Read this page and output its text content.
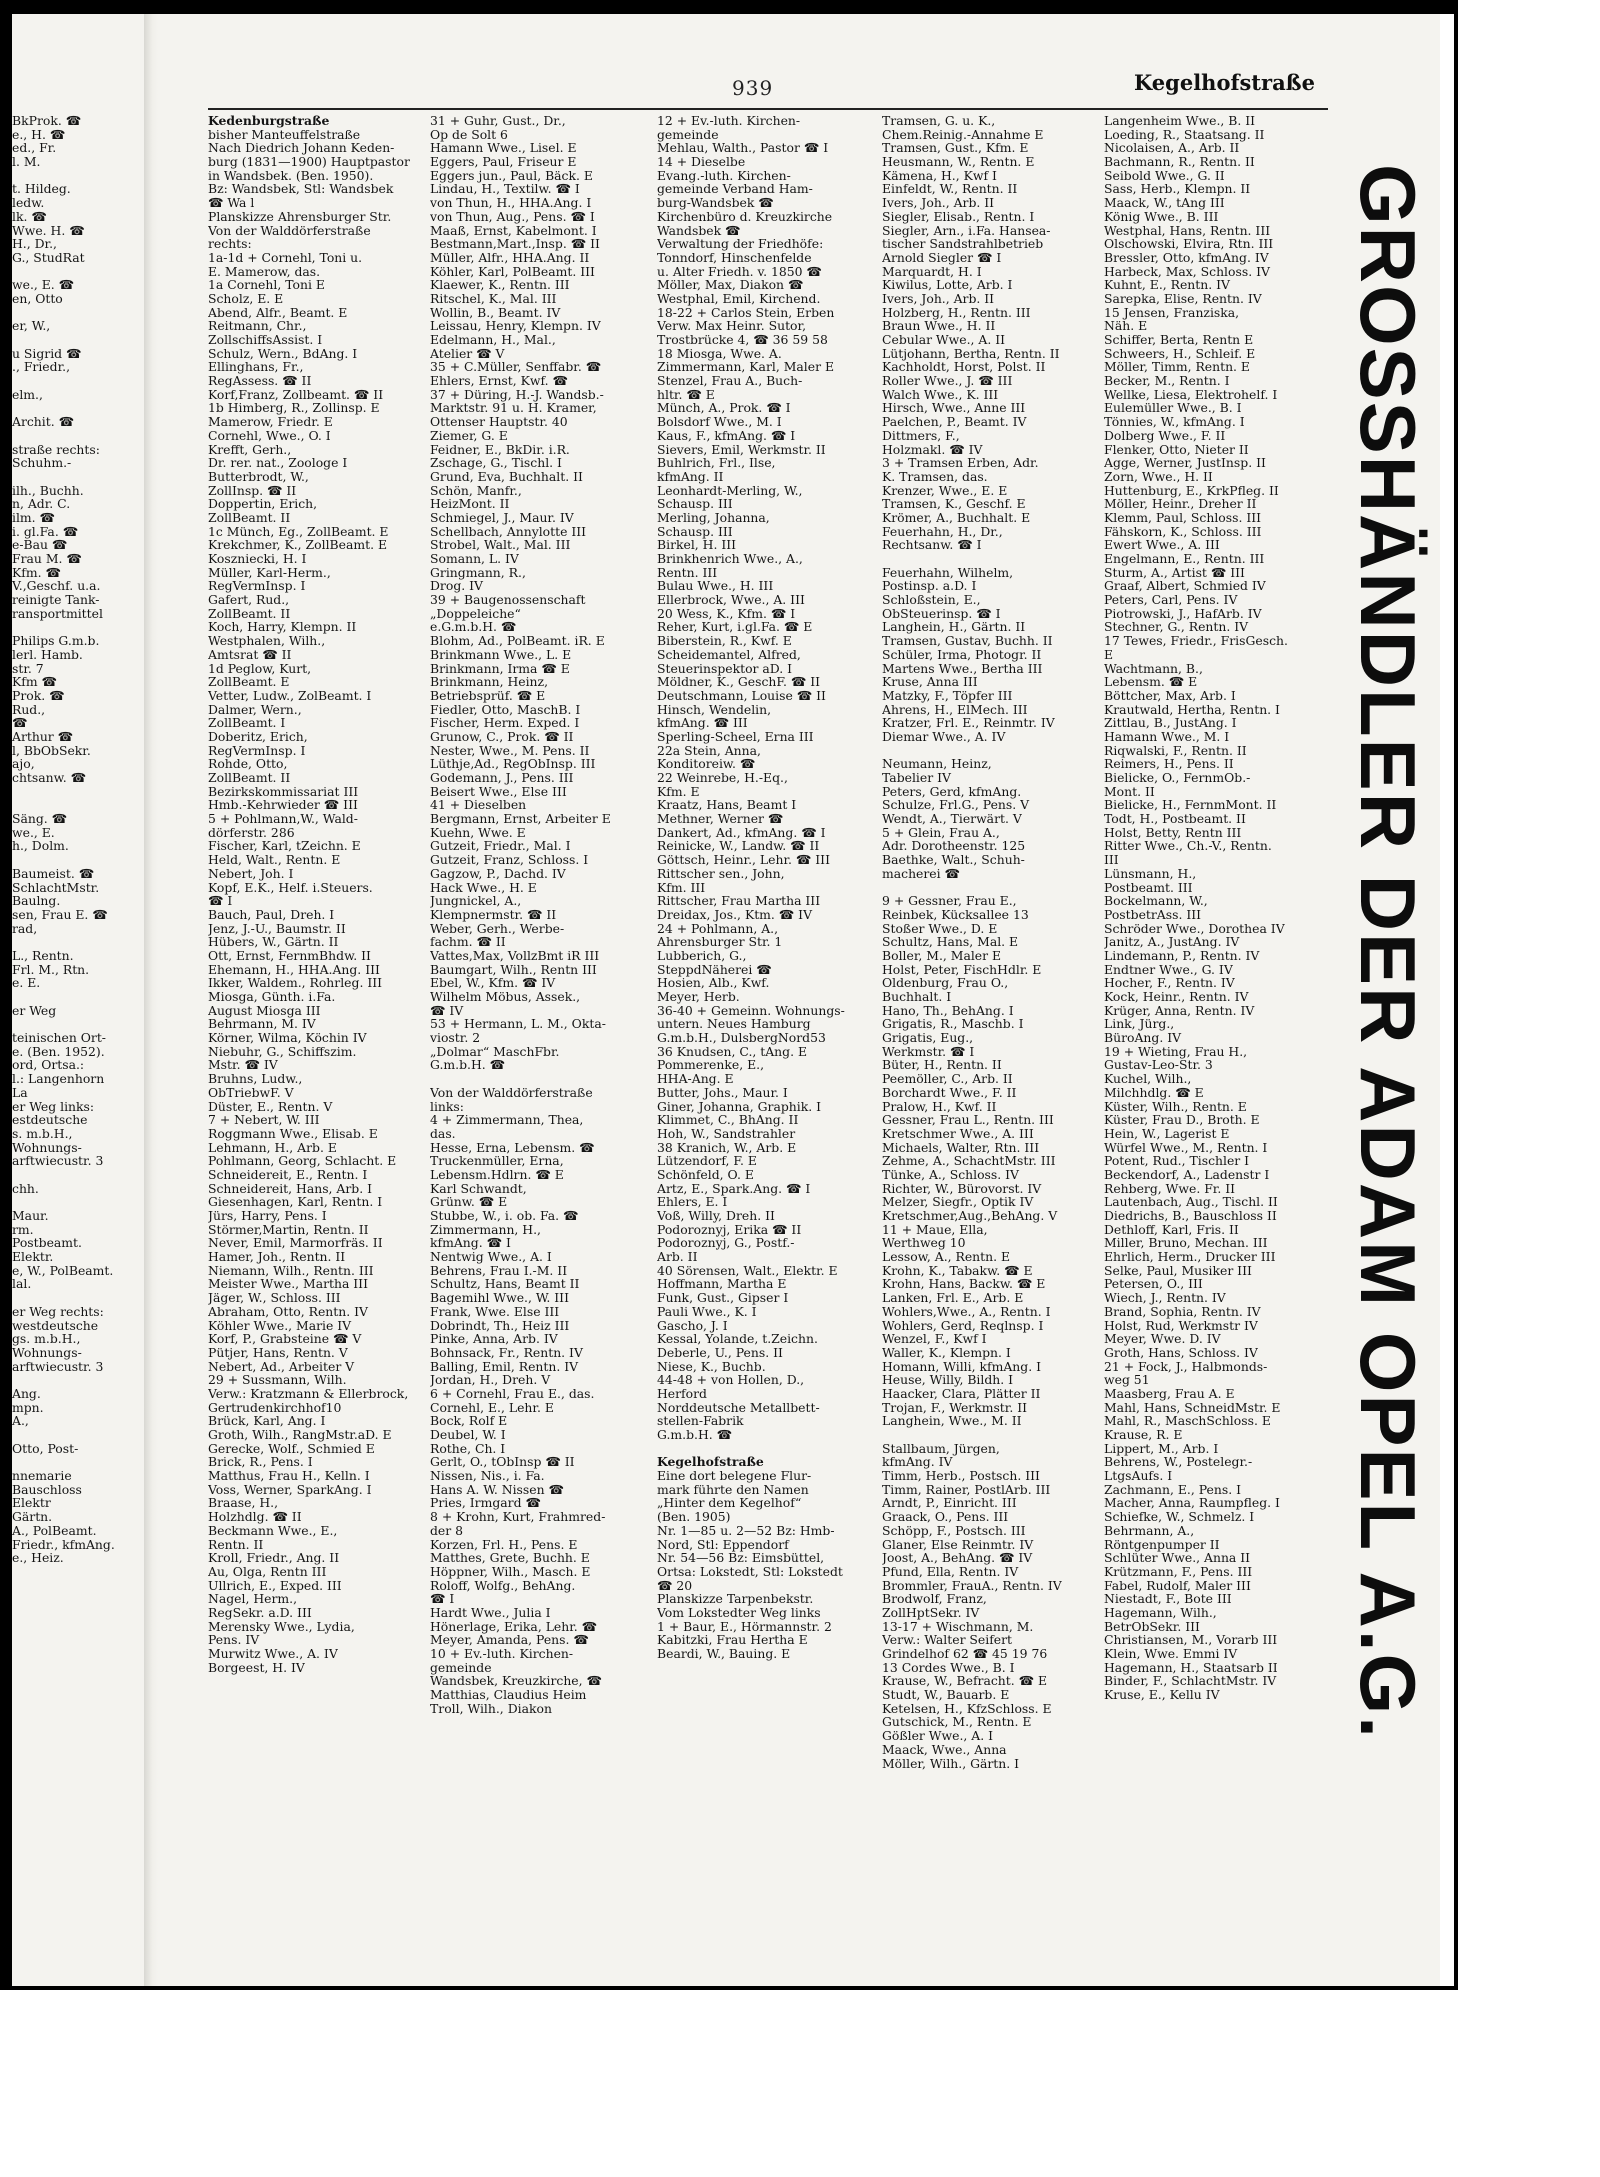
939	Kegelhofstraße
BkProk. ☎
e., H. ☎
ed., Fr.
l. M.
t. Hildeg.
ledw.
lk. ☎
Wwe. H. ☎
H., Dr.,
G., StudRat
we., E. ☎
en, Otto
er, W.,
u Sigrid ☎
., Friedr.,
elm.,
Archit. ☎
straße rechts:
Schuhm.-
ilh., Buchh.
n, Adr. C.
ilm. ☎
i. gl.Fa. ☎
e-Bau ☎
Frau M. ☎
Kfm. ☎
V.,Geschf. u.a.
reinigte Tank-
ransportmittel
Philips G.m.b.
lerl. Hamb.
str. 7
Kfm ☎
Prok. ☎
Rud.,
☎
Arthur ☎
l, BbObSekr.
ajo,
chtsanw. ☎
Säng. ☎
we., E.
h., Dolm.
Baumeist. ☎
SchlachtMstr.
Baulng.
sen, Frau E. ☎
rad,
L., Rentn.
Frl. M., Rtn.
e. E.
er Weg
teinischen Ort-
e. (Ben. 1952).
ord, Ortsa.:
l.: Langenhorn
La
er Weg links:
estdeutsche
s. m.b.H.,
Wohnungs-
arftwiecustr. 3
chh.
Maur.
rm.
Postbeamt.
Elektr.
e, W., PolBeamt.
lal.
er Weg rechts:
westdeutsche
gs. m.b.H.,
Wohnungs-
arftwiecustr. 3
Ang.
mpn.
A.,
Otto, Post-
nnemarie
Bauschloss
Elektr
Gärtn.
A., PolBeamt.
Friedr., kfmAng.
e., Heiz.
Kedenburgstraße
bisher Manteuffelstraße
Nach Diedrich Johann Keden-
burg (1831—1900) Hauptpastor
in Wandsbek. (Ben. 1950).
Bz: Wandsbek, Stl: Wandsbek
☎ Wa l
Planskizze Ahrensburger Str.
Von der Walddörferstraße
rechts:
1a-1d + Cornehl, Toni u.
E. Mamerow, das.
1a Cornehl, Toni E
Scholz, E. E
Abend, Alfr., Beamt. E
Reitmann, Chr.,
ZollschiffsAssist. I
Schulz, Wern., BdAng. I
Ellinghans, Fr.,
RegAssess. ☎ II
Korf,Franz, Zollbeamt. ☎ II
1b Himberg, R., Zollinsp. E
Mamerow, Friedr. E
Cornehl, Wwe., O. I
Krefft, Gerh.,
Dr. rer. nat., Zoologe I
Butterbrodt, W.,
ZollInsp. ☎ II
Doppertin, Erich,
ZollBeamt. II
1c Münch, Eg., ZollBeamt. E
Krekchmer, K., ZollBeamt. E
Koszniecki, H. I
Müller, Karl-Herm.,
RegVermInsp. I
Gafert, Rud.,
ZollBeamt. II
Koch, Harry, Klempn. II
Westphalen, Wilh.,
Amtsrat ☎ II
1d Peglow, Kurt,
ZollBeamt. E
Vetter, Ludw., ZolBeamt. I
Dalmer, Wern.,
ZollBeamt. I
Doberitz, Erich,
RegVermInsp. I
Rohde, Otto,
ZollBeamt. II
Bezirkskommissariat III
Hmb.-Kehrwieder ☎ III
5 + Pohlmann,W., Wald-
dörferstr. 286
Fischer, Karl, tZeichn. E
Held, Walt., Rentn. E
Nebert, Joh. I
Kopf, E.K., Helf. i.Steuers.
☎ I
Bauch, Paul, Dreh. I
Jenz, J.-U., Baumstr. II
Hübers, W., Gärtn. II
Ott, Ernst, FernmBhdw. II
Ehemann, H., HHA.Ang. III
Ikker, Waldem., Rohrleg. III
Miosga, Günth. i.Fa.
August Miosga III
Behrmann, M. IV
Körner, Wilma, Köchin IV
Niebuhr, G., Schiffszim.
Mstr. ☎ IV
Bruhns, Ludw.,
ObTriebwF. V
Düster, E., Rentn. V
7 + Nebert, W. III
Roggmann Wwe., Elisab. E
Lehmann, H., Arb. E
Pohlmann, Georg, Schlacht. E
Schneidereit, E., Rentn. I
Schneidereit, Hans, Arb. I
Giesenhagen, Karl, Rentn. I
Jürs, Harry, Pens. I
Störmer,Martin, Rentn. II
Never, Emil, Marmorfräs. II
Hamer, Joh., Rentn. II
Niemann, Wilh., Rentn. III
Meister Wwe., Martha III
Jäger, W., Schloss. III
Abraham, Otto, Rentn. IV
Köhler Wwe., Marie IV
Korf, P., Grabsteine ☎ V
Pütjer, Hans, Rentn. V
Nebert, Ad., Arbeiter V
29 + Sussmann, Wilh.
Verw.: Kratzmann & Ellerbrock,
Gertrudenkirchhof10
Brück, Karl, Ang. I
Groth, Wilh., RangMstr.aD. E
Gerecke, Wolf., Schmied E
Brick, R., Pens. I
Matthus, Frau H., Kelln. I
Voss, Werner, SparkAng. I
Braase, H.,
Holzhdlg. ☎ II
Beckmann Wwe., E.,
Rentn. II
Kroll, Friedr., Ang. II
Au, Olga, Rentn III
Ullrich, E., Exped. III
Nagel, Herm.,
RegSekr. a.D. III
Merensky Wwe., Lydia,
Pens. IV
Murwitz Wwe., A. IV
Borgeest, H. IV
31 + Guhr, Gust., Dr.,
Op de Solt 6
Hamann Wwe., Lisel. E
Eggers, Paul, Friseur E
Eggers jun., Paul, Bäck. E
Lindau, H., Textilw. ☎ I
von Thun, H., HHA.Ang. I
von Thun, Aug., Pens. ☎ I
Maaß, Ernst, Kabelmont. I
Bestmann,Mart.,Insp. ☎ II
Müller, Alfr., HHA.Ang. II
Köhler, Karl, PolBeamt. III
Klaewer, K., Rentn. III
Ritschel, K., Mal. III
Wollin, B., Beamt. IV
Leissau, Henry, Klempn. IV
Edelmann, H., Mal.,
Atelier ☎ V
35 + C.Müller, Senffabr. ☎
Ehlers, Ernst, Kwf. ☎
37 + Düring, H.-J. Wandsb.-
Marktstr. 91 u. H. Kramer,
Ottenser Hauptstr. 40
Ziemer, G. E
Feidner, E., BkDir. i.R.
Zschage, G., Tischl. I
Grund, Eva, Buchhalt. II
Schön, Manfr.,
HeizMont. II
Schmiegel, J., Maur. IV
Schellbach, Annylotte III
Strobel, Walt., Mal. III
Somann, L. IV
Gringmann, R.,
Drog. IV
39 + Baugenossenschaft
„Doppeleiche“
e.G.m.b.H. ☎
Blohm, Ad., PolBeamt. iR. E
Brinkmann Wwe., L. E
Brinkmann, Irma ☎ E
Brinkmann, Heinz,
Betriebsprüf. ☎ E
Fiedler, Otto, MaschB. I
Fischer, Herm. Exped. I
Grunow, C., Prok. ☎ II
Nester, Wwe., M. Pens. II
Lüthje,Ad., RegObInsp. III
Godemann, J., Pens. III
Beisert Wwe., Else III
41 + Dieselben
Bergmann, Ernst, Arbeiter E
Kuehn, Wwe. E
Gutzeit, Friedr., Mal. I
Gutzeit, Franz, Schloss. I
Gagzow, P., Dachd. IV
Hack Wwe., H. E
Jungnickel, A.,
Klempnermstr. ☎ II
Weber, Gerh., Werbe-
fachm. ☎ II
Vattes,Max, VollzBmt iR III
Baumgart, Wilh., Rentn III
Ebel, W., Kfm. ☎ IV
Wilhelm Möbus, Assek.,
☎ IV
53 + Hermann, L. M., Okta-
viostr. 2
„Dolmar“ MaschFbr.
G.m.b.H. ☎
Von der Walddörferstraße
links:
4 + Zimmermann, Thea,
das.
Hesse, Erna, Lebensm. ☎
Truckenmüller, Erna,
Lebensm.Hdlrn. ☎ E
Karl Schwandt,
Grünw. ☎ E
Stubbe, W., i. ob. Fa. ☎
Zimmermann, H.,
kfmAng. ☎ I
Nentwig Wwe., A. I
Behrens, Frau I.-M. II
Schultz, Hans, Beamt II
Bagemihl Wwe., W. III
Frank, Wwe. Else III
Dobrindt, Th., Heiz III
Pinke, Anna, Arb. IV
Bohnsack, Fr., Rentn. IV
Balling, Emil, Rentn. IV
Jordan, H., Dreh. V
6 + Cornehl, Frau E., das.
Cornehl, E., Lehr. E
Bock, Rolf E
Deubel, W. I
Rothe, Ch. I
Gerlt, O., tObInsp ☎ II
Nissen, Nis., i. Fa.
Hans A. W. Nissen ☎
Pries, Irmgard ☎
8 + Krohn, Kurt, Frahmred-
der 8
Korzen, Frl. H., Pens. E
Matthes, Grete, Buchh. E
Höppner, Wilh., Masch. E
Roloff, Wolfg., BehAng.
☎ I
Hardt Wwe., Julia I
Hönerlage, Erika, Lehr. ☎
Meyer, Amanda, Pens. ☎
10 + Ev.-luth. Kirchen-
gemeinde
Wandsbek, Kreuzkirche, ☎
Matthias, Claudius Heim
Troll, Wilh., Diakon
12 + Ev.-luth. Kirchen-
gemeinde
Mehlau, Walth., Pastor ☎ I
14 + Dieselbe
Evang.-luth. Kirchen-
gemeinde Verband Ham-
burg-Wandsbek ☎
Kirchenbüro d. Kreuzkirche
Wandsbek ☎
Verwaltung der Friedhöfe:
Tonndorf, Hinschenfelde
u. Alter Friedh. v. 1850 ☎
Möller, Max, Diakon ☎
Westphal, Emil, Kirchend.
18-22 + Carlos Stein, Erben
Verw. Max Heinr. Sutor,
Trostbrücke 4, ☎ 36 59 58
18 Miosga, Wwe. A.
Zimmermann, Karl, Maler E
Stenzel, Frau A., Buch-
hltr. ☎ E
Münch, A., Prok. ☎ I
Bolsdorf Wwe., M. I
Kaus, F., kfmAng. ☎ I
Sievers, Emil, Werkmstr. II
Buhlrich, Frl., Ilse,
kfmAng. II
Leonhardt-Merling, W.,
Schausp. III
Merling, Johanna,
Schausp. III
Birkel, H. III
Brinkhenrich Wwe., A.,
Rentn. III
Bulau Wwe., H. III
Ellerbrock, Wwe., A. III
20 Wess, K., Kfm. ☎ I
Reher, Kurt, i.gl.Fa. ☎ E
Biberstein, R., Kwf. E
Scheidemantel, Alfred,
Steuerinspektor aD. I
Möldner, K., GeschF. ☎ II
Deutschmann, Louise ☎ II
Hinsch, Wendelin,
kfmAng. ☎ III
Sperling-Scheel, Erna III
22a Stein, Anna,
Konditoreiw. ☎
22 Weinrebe, H.-Eq.,
Kfm. E
Kraatz, Hans, Beamt I
Methner, Werner ☎
Dankert, Ad., kfmAng. ☎ I
Reinicke, W., Landw. ☎ II
Göttsch, Heinr., Lehr. ☎ III
Rittscher sen., John,
Kfm. III
Rittscher, Frau Martha III
Dreidax, Jos., Ktm. ☎ IV
24 + Pohlmann, A.,
Ahrensburger Str. 1
Lubberich, G.,
SteppdNäherei ☎
Hosien, Alb., Kwf.
Meyer, Herb.
36-40 + Gemeinn. Wohnungs-
untern. Neues Hamburg
G.m.b.H., DulsbergNord53
36 Knudsen, C., tAng. E
Pommerenke, E.,
HHA-Ang. E
Butter, Johs., Maur. I
Giner, Johanna, Graphik. I
Klimmet, C., BhAng. II
Hoh, W., Sandstrahler
38 Kranich, W., Arb. E
Lützendorf, F. E
Schönfeld, O. E
Artz, E., Spark.Ang. ☎ I
Ehlers, E. I
Voß, Willy, Dreh. II
Podoroznyj, Erika ☎ II
Podoroznyj, G., Postf.-
Arb. II
40 Sörensen, Walt., Elektr. E
Hoffmann, Martha E
Funk, Gust., Gipser I
Pauli Wwe., K. I
Gascho, J. I
Kessal, Yolande, t.Zeichn.
Deberle, U., Pens. II
Niese, K., Buchb.
44-48 + von Hollen, D.,
Herford
Norddeutsche Metallbett-
stellen-Fabrik
G.m.b.H. ☎
Kegelhofstraße
Eine dort belegene Flur-
mark führte den Namen
„Hinter dem Kegelhof“
(Ben. 1905)
Nr. 1—85 u. 2—52 Bz: Hmb-
Nord, Stl: Eppendorf
Nr. 54—56 Bz: Eimsbüttel,
Ortsa: Lokstedt, Stl: Lokstedt
☎ 20
Planskizze Tarpenbekstr.
Vom Lokstedter Weg links
1 + Baur, E., Hörmannstr. 2
Kabitzki, Frau Hertha E
Beardi, W., Bauing. E
Tramsen, G. u. K.,
Chem.Reinig.-Annahme E
Tramsen, Gust., Kfm. E
Heusmann, W., Rentn. E
Kämena, H., Kwf I
Einfeldt, W., Rentn. II
Ivers, Joh., Arb. II
Siegler, Elisab., Rentn. I
Siegler, Arn., i.Fa. Hansea-
tischer Sandstrahlbetrieb
Arnold Siegler ☎ I
Marquardt, H. I
Kiwilus, Lotte, Arb. I
Ivers, Joh., Arb. II
Holzberg, H., Rentn. III
Braun Wwe., H. II
Cebular Wwe., A. II
Lütjohann, Bertha, Rentn. II
Kachholdt, Horst, Polst. II
Roller Wwe., J. ☎ III
Walch Wwe., K. III
Hirsch, Wwe., Anne III
Paelchen, P., Beamt. IV
Dittmers, F.,
Holzmakl. ☎ IV
3 + Tramsen Erben, Adr.
K. Tramsen, das.
Krenzer, Wwe., E. E
Tramsen, K., Geschf. E
Krömer, A., Buchhalt. E
Feuerhahn, H., Dr.,
Rechtsanw. ☎ I
Feuerhahn, Wilhelm,
Postinsp. a.D. I
Schloßstein, E.,
ObSteuerinsp. ☎ I
Langhein, H., Gärtn. II
Tramsen, Gustav, Buchh. II
Schüler, Irma, Photogr. II
Martens Wwe., Bertha III
Kruse, Anna III
Matzky, F., Töpfer III
Ahrens, H., ElMech. III
Kratzer, Frl. E., Reinmtr. IV
Diemar Wwe., A. IV
Neumann, Heinz,
Tabelier IV
Peters, Gerd, kfmAng.
Schulze, Frl.G., Pens. V
Wendt, A., Tierwärt. V
5 + Glein, Frau A.,
Adr. Dorotheenstr. 125
Baethke, Walt., Schuh-
macherei ☎
9 + Gessner, Frau E.,
Reinbek, Kücksallee 13
Stoßer Wwe., D. E
Schultz, Hans, Mal. E
Boller, M., Maler E
Holst, Peter, FischHdlr. E
Oldenburg, Frau O.,
Buchhalt. I
Hano, Th., BehAng. I
Grigatis, R., Maschb. I
Grigatis, Eug.,
Werkmstr. ☎ I
Büter, H., Rentn. II
Peemöller, C., Arb. II
Borchardt Wwe., F. II
Pralow, H., Kwf. II
Gessner, Frau L., Rentn. III
Kretschmer Wwe., A. III
Michaels, Walter, Rtn. III
Zehme, A., SchachtMstr. III
Tünke, A., Schloss. IV
Richter, W., Bürovorst. IV
Melzer, Siegfr., Optik IV
Kretschmer,Aug.,BehAng. V
11 + Maue, Ella,
Werthweg 10
Lessow, A., Rentn. E
Krohn, K., Tabakw. ☎ E
Krohn, Hans, Backw. ☎ E
Lanken, Frl. E., Arb. E
Wohlers,Wwe., A., Rentn. I
Wohlers, Gerd, Reqlnsp. I
Wenzel, F., Kwf I
Waller, K., Klempn. I
Homann, Willi, kfmAng. I
Heuse, Willy, Bildh. I
Haacker, Clara, Plätter II
Trojan, F., Werkmstr. II
Langhein, Wwe., M. II
Stallbaum, Jürgen,
kfmAng. IV
Timm, Herb., Postsch. III
Timm, Rainer, PostlArb. III
Arndt, P., Einricht. III
Graack, O., Pens. III
Schöpp, F., Postsch. III
Glaner, Else Reinmtr. IV
Joost, A., BehAng. ☎ IV
Pfund, Ella, Rentn. IV
Brommler, FrauA., Rentn. IV
Brodwolf, Franz,
ZollHptSekr. IV
13-17 + Wischmann, M.
Verw.: Walter Seifert
Grindelhof 62 ☎ 45 19 76
13 Cordes Wwe., B. I
Krause, W., Befracht. ☎ E
Studt, W., Bauarb. E
Ketelsen, H., KfzSchloss. E
Gutschick, M., Rentn. E
Gößler Wwe., A. I
Maack, Wwe., Anna
Möller, Wilh., Gärtn. I
Langenheim Wwe., B. II
Loeding, R., Staatsang. II
Nicolaisen, A., Arb. II
Bachmann, R., Rentn. II
Seibold Wwe., G. II
Sass, Herb., Klempn. II
Maack, W., tAng III
König Wwe., B. III
Westphal, Hans, Rentn. III
Olschowski, Elvira, Rtn. III
Bressler, Otto, kfmAng. IV
Harbeck, Max, Schloss. IV
Kuhnt, E., Rentn. IV
Sarepka, Elise, Rentn. IV
15 Jensen, Franziska,
Näh. E
Schiffer, Berta, Rentn E
Schweers, H., Schleif. E
Möller, Timm, Rentn. E
Becker, M., Rentn. I
Wellke, Liesa, Elektrohelf. I
Eulemüller Wwe., B. I
Tönnies, W., kfmAng. I
Dolberg Wwe., F. II
Flenker, Otto, Nieter II
Agge, Werner, JustInsp. II
Zorn, Wwe., H. II
Huttenburg, E., KrkPfleg. II
Möller, Heinr., Dreher II
Klemm, Paul, Schloss. III
Fähskorn, K., Schloss. III
Ewert Wwe., A. III
Engelmann, E., Rentn. III
Sturm, A., Artist ☎ III
Graaf, Albert, Schmied IV
Peters, Carl, Pens. IV
Piotrowski, J., HafArb. IV
Stechner, G., Rentn. IV
17 Tewes, Friedr., FrisGesch.
E
Wachtmann, B.,
Lebensm. ☎ E
Böttcher, Max, Arb. I
Krautwald, Hertha, Rentn. I
Zittlau, B., JustAng. I
Hamann Wwe., M. I
Riqwalski, F., Rentn. II
Reimers, H., Pens. II
Bielicke, O., FernmOb.-
Mont. II
Bielicke, H., FernmMont. II
Todt, H., Postbeamt. II
Holst, Betty, Rentn III
Ritter Wwe., Ch.-V., Rentn.
III
Lünsmann, H.,
Postbeamt. III
Bockelmann, W.,
PostbetrAss. III
Schröder Wwe., Dorothea IV
Janitz, A., JustAng. IV
Lindemann, P., Rentn. IV
Endtner Wwe., G. IV
Hocher, F., Rentn. IV
Kock, Heinr., Rentn. IV
Krüger, Anna, Rentn. IV
Link, Jürg.,
BüroAng. IV
19 + Wieting, Frau H.,
Gustav-Leo-Str. 3
Kuchel, Wilh.,
Milchhdlg. ☎ E
Küster, Wilh., Rentn. E
Küster, Frau D., Broth. E
Hein, W., Lagerist E
Würfel Wwe., M., Rentn. I
Potent, Rud., Tischler I
Beckendorf, A., Ladenstr I
Rehberg, Wwe. Fr. II
Lautenbach, Aug., Tischl. II
Diedrichs, B., Bauschloss II
Dethloff, Karl, Fris. II
Miller, Bruno, Mechan. III
Ehrlich, Herm., Drucker III
Selke, Paul, Musiker III
Petersen, O., III
Wiech, J., Rentn. IV
Brand, Sophia, Rentn. IV
Holst, Rud, Werkmstr IV
Meyer, Wwe. D. IV
Groth, Hans, Schloss. IV
21 + Fock, J., Halbmonds-
weg 51
Maasberg, Frau A. E
Mahl, Hans, SchneidMstr. E
Mahl, R., MaschSchloss. E
Krause, R. E
Lippert, M., Arb. I
Behrens, W., Postelegr.-
LtgsAufs. I
Zachmann, E., Pens. I
Macher, Anna, Raumpfleg. I
Schiefke, W., Schmelz. I
Behrmann, A.,
Röntgenpumper II
Schlüter Wwe., Anna II
Krützmann, F., Pens. III
Fabel, Rudolf, Maler III
Niestadt, F., Bote III
Hagemann, Wilh.,
BetrObSekr. III
Christiansen, M., Vorarb III
Klein, Wwe. Emmi IV
Hagemann, H., Staatsarb II
Binder, F., SchlachtMstr. IV
Kruse, E., Kellu IV	GROSSHÄNDLER DER ADAM OPEL A.G.
